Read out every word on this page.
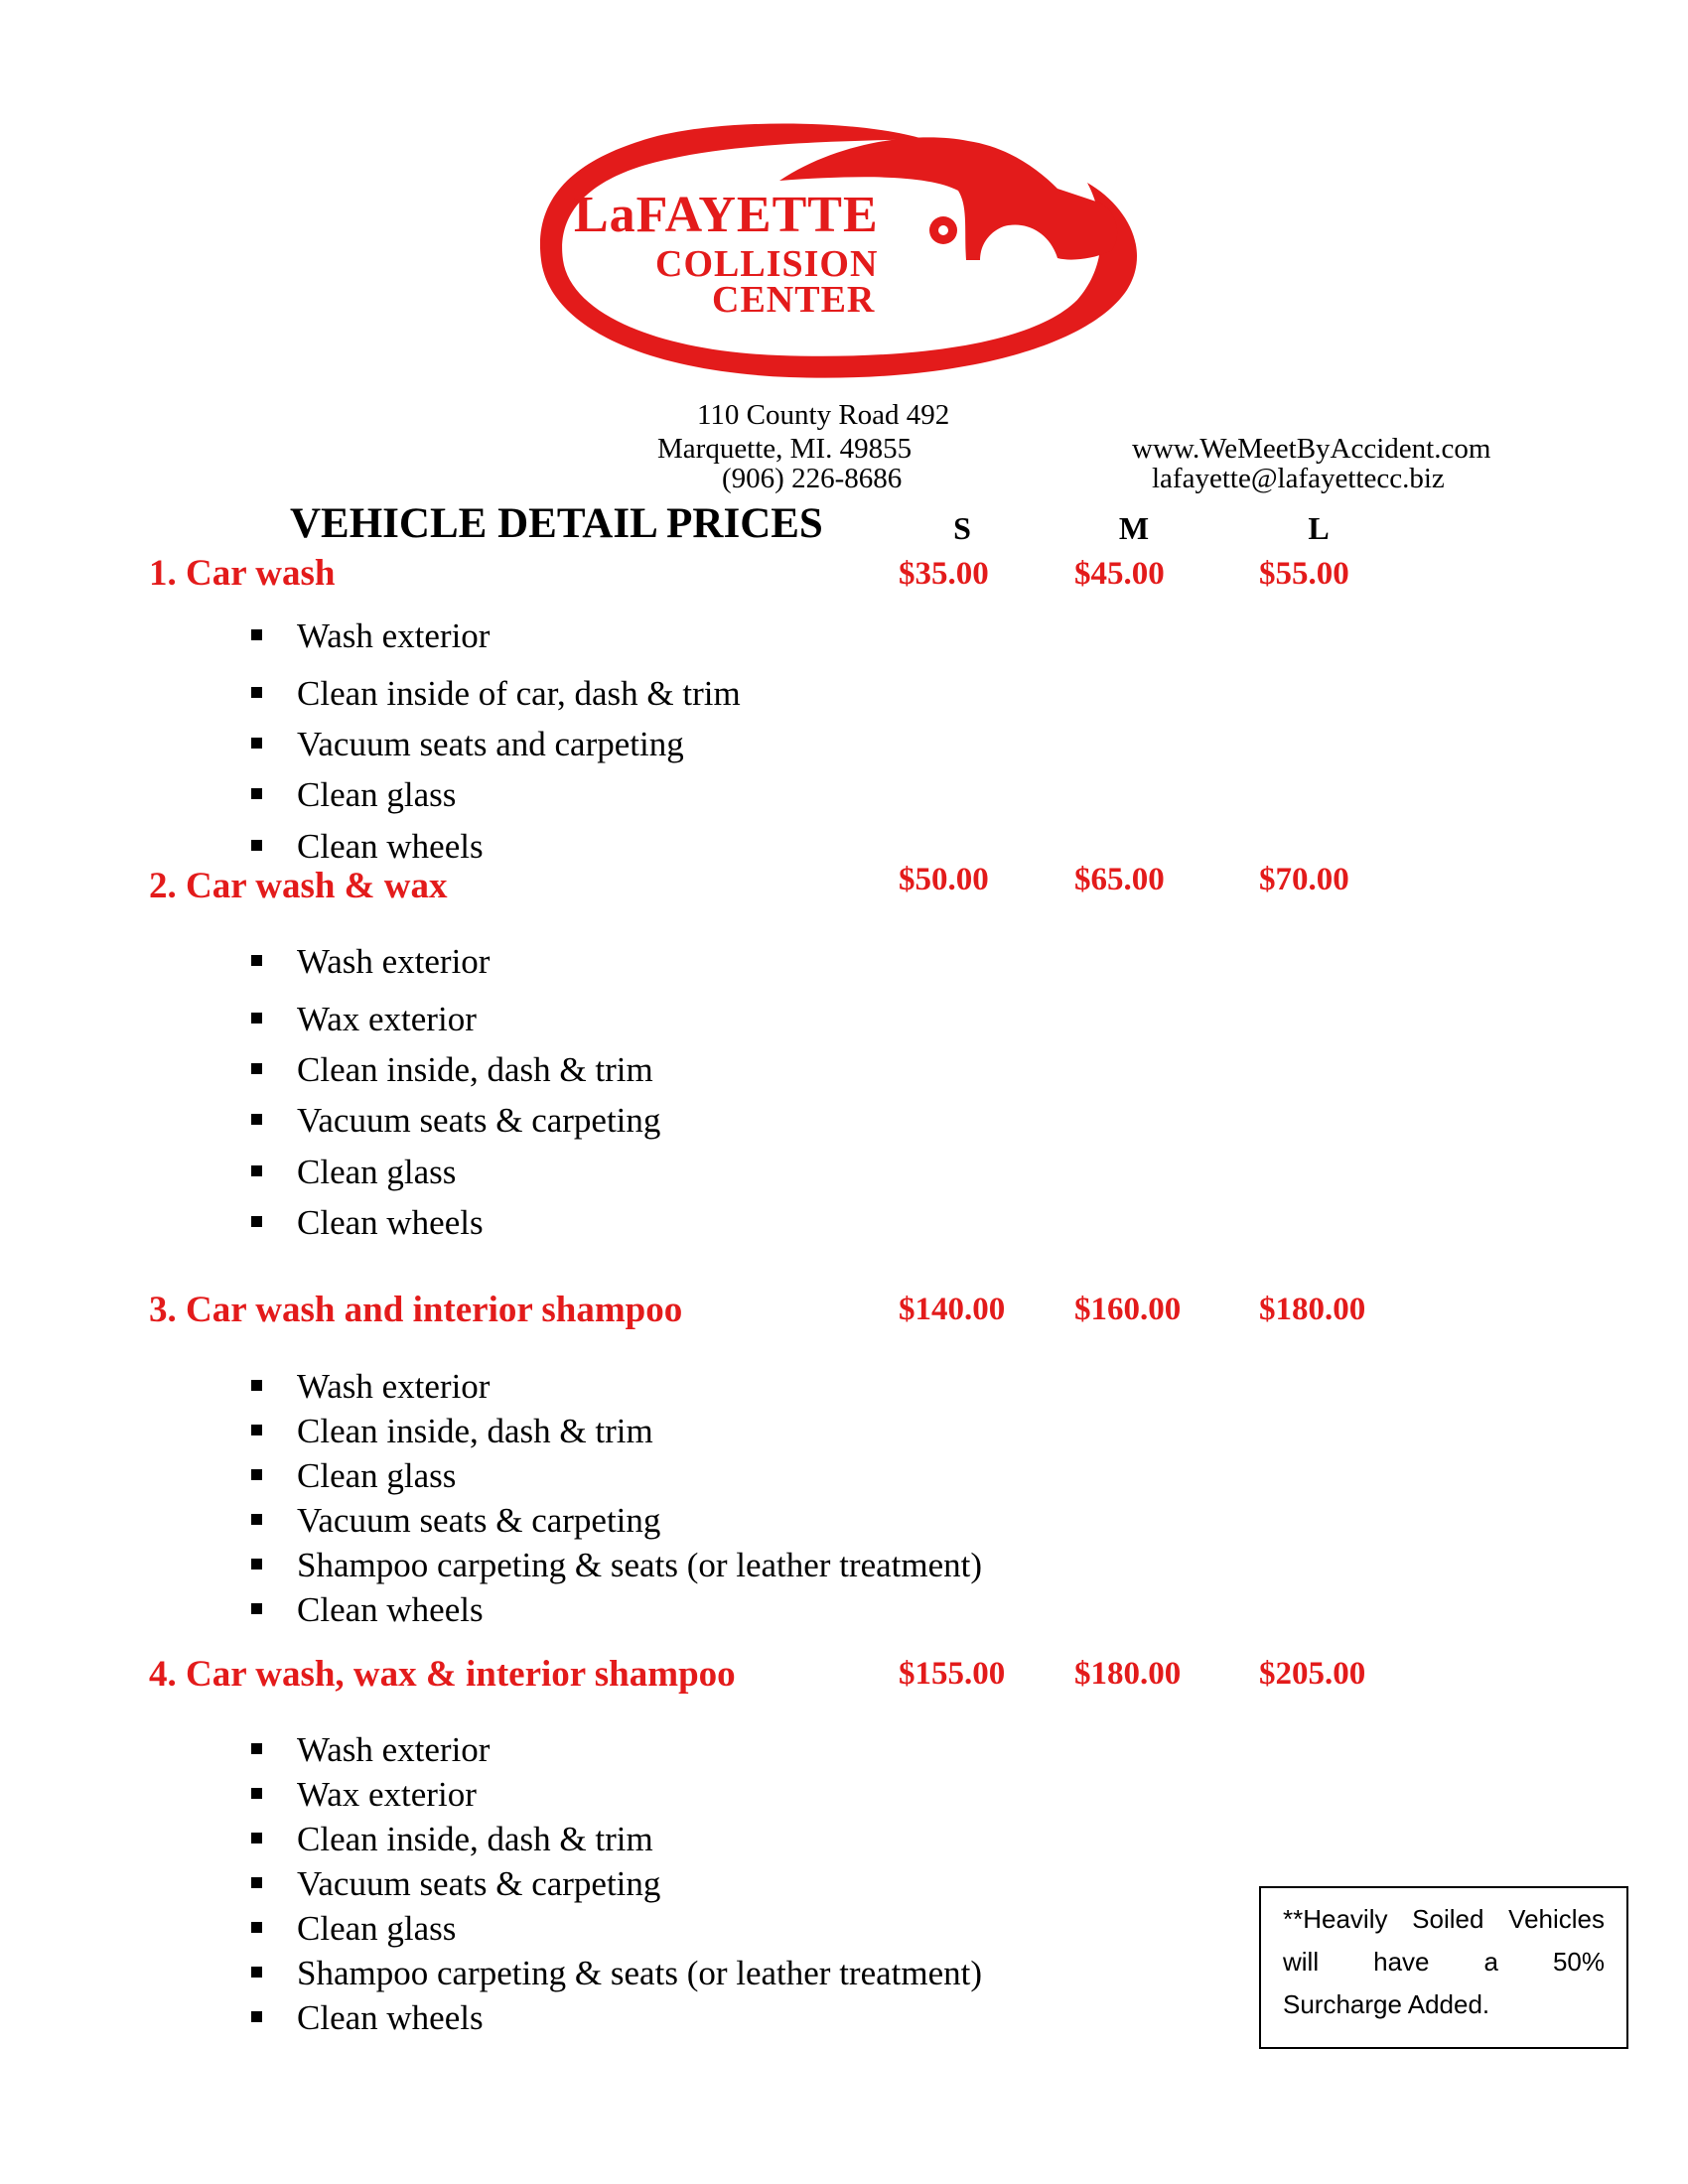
LaFAYETTE
COLLISION
CENTER
110 County Road 492
Marquette, MI. 49855
(906) 226-8686
www.WeMeetByAccident.com
lafayette@lafayettecc.biz
VEHICLE DETAIL PRICES	S	M	L
1. Car wash	$35.00	$45.00	$55.00
Wash exterior
Clean inside of car, dash & trim
Vacuum seats and carpeting
Clean glass
Clean wheels
2. Car wash & wax	$50.00	$65.00	$70.00
Wash exterior
Wax exterior
Clean inside, dash & trim
Vacuum seats & carpeting
Clean glass
Clean wheels
3. Car wash and interior shampoo	$140.00 $160.00 $180.00
Wash exterior
Clean inside, dash & trim
Clean glass
Vacuum seats & carpeting
Shampoo carpeting & seats (or leather treatment)
Clean wheels
4. Car wash, wax & interior shampoo	$155.00 $180.00 $205.00
Wash exterior
Wax exterior
Clean inside, dash & trim
Vacuum seats & carpeting
Clean glass
Shampoo carpeting & seats (or leather treatment)
Clean wheels
**Heavily Soiled Vehicles
will have a 50%
Surcharge Added.
